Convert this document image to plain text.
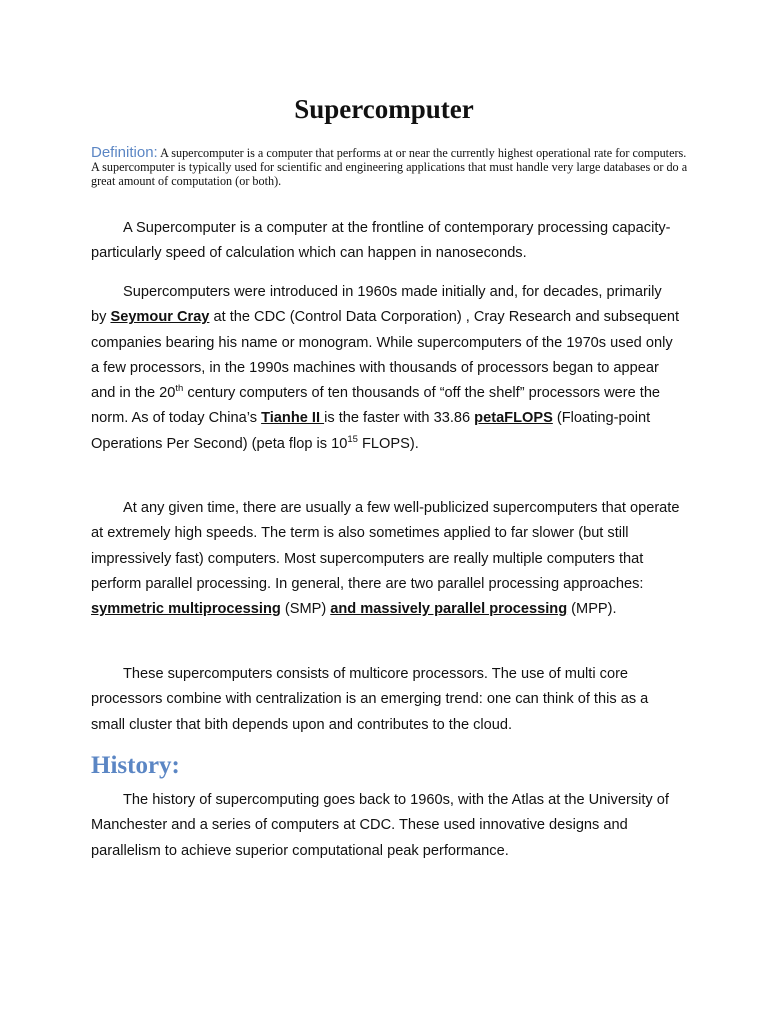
Supercomputer

Definition: A supercomputer is a computer that performs at or near the currently highest operational rate for computers. A supercomputer is typically used for scientific and engineering applications that must handle very large databases or do a great amount of computation (or both).

A Supercomputer is a computer at the frontline of contemporary processing capacity-particularly speed of calculation which can happen in nanoseconds.

Supercomputers were introduced in 1960s made initially and, for decades, primarily by Seymour Cray at the CDC (Control Data Corporation) , Cray Research and subsequent companies bearing his name or monogram. While supercomputers of the 1970s used only a few processors, in the 1990s machines with thousands of processors began to appear and in the 20th century computers of ten thousands of “off the shelf” processors were the norm. As of today China’s Tianhe II is the faster with 33.86 petaFLOPS (Floating-point Operations Per Second) (peta flop is $10^{15}$ FLOPS).

At any given time, there are usually a few well-publicized supercomputers that operate at extremely high speeds. The term is also sometimes applied to far slower (but still impressively fast) computers. Most supercomputers are really multiple computers that perform parallel processing. In general, there are two parallel processing approaches: symmetric multiprocessing (SMP) and massively parallel processing (MPP).

These supercomputers consists of multicore processors. The use of multi core processors combine with centralization is an emerging trend: one can think of this as a small cluster that bith depends upon and contributes to the cloud.

History:

The history of supercomputing goes back to 1960s, with the Atlas at the University of Manchester and a series of computers at CDC. These used innovative designs and parallelism to achieve superior computational peak performance.
